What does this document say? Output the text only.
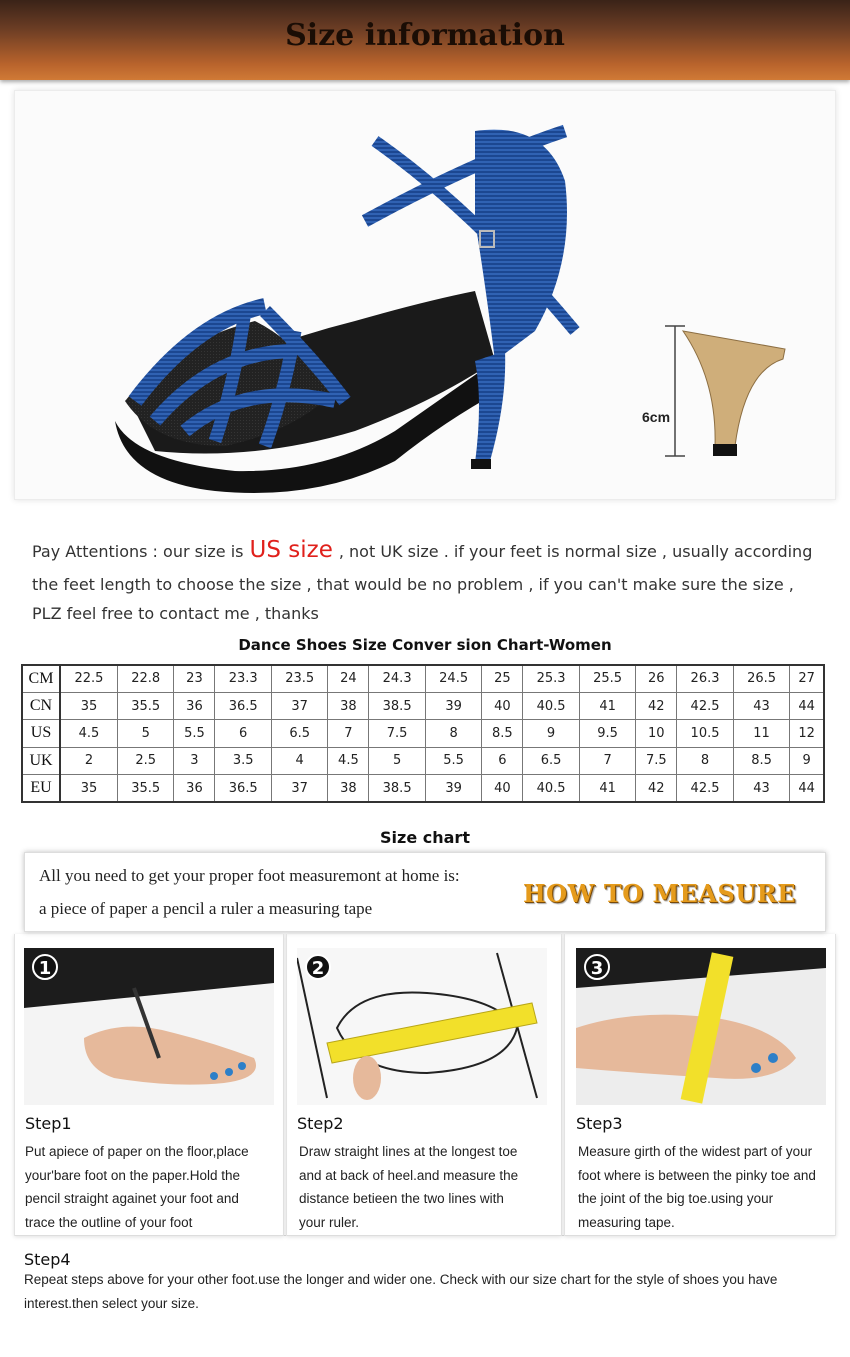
Size information
6cm
Pay Attentions : our size is US size , not UK size . if your feet is normal size , usually according
the feet length to choose the size , that would be no problem , if you can't make sure the size ,
PLZ feel free to contact me , thanks
Dance Shoes Size Conver sion Chart-Women
CM	22.5	22.8	23	23.3	23.5	24	24.3	24.5	25	25.3	25.5	26	26.3	26.5	27
CN	35	35.5	36	36.5	37	38	38.5	39	40	40.5	41	42	42.5	43	44
US	4.5	5	5.5	6	6.5	7	7.5	8	8.5	9	9.5	10	10.5	11	12
UK	2	2.5	3	3.5	4	4.5	5	5.5	6	6.5	7	7.5	8	8.5	9
EU	35	35.5	36	36.5	37	38	38.5	39	40	40.5	41	42	42.5	43	44
Size chart
All you need to get your proper foot measuremont at home is:
a piece of paper a pencil a ruler a measuring tape
HOW TO MEASURE
1
Step1
Put apiece of paper on the floor,place
your'bare foot on the paper.Hold the
pencil straight againet your foot and
trace the outline of your foot
2
Step2
Draw straight lines at the longest toe
and at back of heel.and measure the
distance betieen the two lines with
your ruler.
3
Step3
Measure girth of the widest part of your
foot where is between the pinky toe and
the joint of the big toe.using your
measuring tape.
Step4
Repeat steps above for your other foot.use the longer and wider one. Check with our size chart for the style of shoes you have
interest.then select your size.
